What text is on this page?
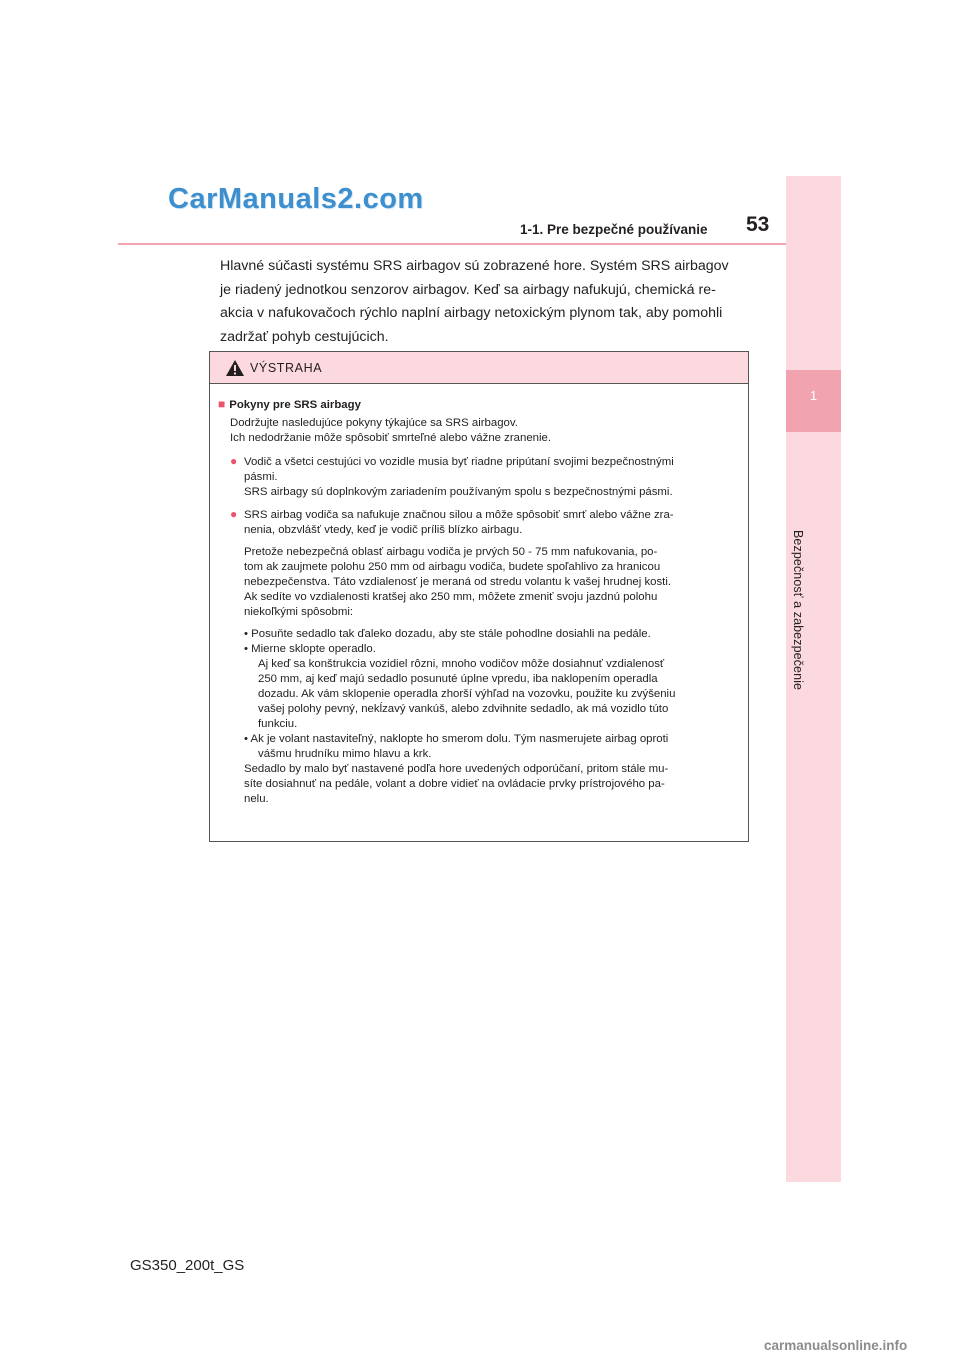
1
Bezpečnosť a zabezpečenie
CarManuals2.com
1-1. Pre bezpečné používanie 53
Hlavné súčasti systému SRS airbagov sú zobrazené hore. Systém SRS airbagov
je riadený jednotkou senzorov airbagov. Keď sa airbagy nafukujú, chemická re-
akcia v nafukovačoch rýchlo naplní airbagy netoxickým plynom tak, aby pomohli
zadržať pohyb cestujúcich.
VÝSTRAHA
■ Pokyny pre SRS airbagy
Dodržujte nasledujúce pokyny týkajúce sa SRS airbagov.
Ich nedodržanie môže spôsobiť smrteľné alebo vážne zranenie.
● Vodič a všetci cestujúci vo vozidle musia byť riadne pripútaní svojimi bezpečnostnými
pásmi.
SRS airbagy sú doplnkovým zariadením používaným spolu s bezpečnostnými pásmi.
● SRS airbag vodiča sa nafukuje značnou silou a môže spôsobiť smrť alebo vážne zra-
nenia, obzvlášť vtedy, keď je vodič príliš blízko airbagu.
Pretože nebezpečná oblasť airbagu vodiča je prvých 50 - 75 mm nafukovania, po-
tom ak zaujmete polohu 250 mm od airbagu vodiča, budete spoľahlivo za hranicou
nebezpečenstva. Táto vzdialenosť je meraná od stredu volantu k vašej hrudnej kosti.
Ak sedíte vo vzdialenosti kratšej ako 250 mm, môžete zmeniť svoju jazdnú polohu
niekoľkými spôsobmi:
• Posuňte sedadlo tak ďaleko dozadu, aby ste stále pohodlne dosiahli na pedále.
• Mierne sklopte operadlo.
Aj keď sa konštrukcia vozidiel rôzni, mnoho vodičov môže dosiahnuť vzdialenosť
250 mm, aj keď majú sedadlo posunuté úplne vpredu, iba naklopením operadla
dozadu. Ak vám sklopenie operadla zhorší výhľad na vozovku, použite ku zvýšeniu
vašej polohy pevný, nekĺzavý vankúš, alebo zdvihnite sedadlo, ak má vozidlo túto
funkciu.
• Ak je volant nastaviteľný, naklopte ho smerom dolu. Tým nasmerujete airbag oproti
vášmu hrudníku mimo hlavu a krk.
Sedadlo by malo byť nastavené podľa hore uvedených odporúčaní, pritom stále mu-
síte dosiahnuť na pedále, volant a dobre vidieť na ovládacie prvky prístrojového pa-
nelu.
GS350_200t_GS
carmanualsonline.info
